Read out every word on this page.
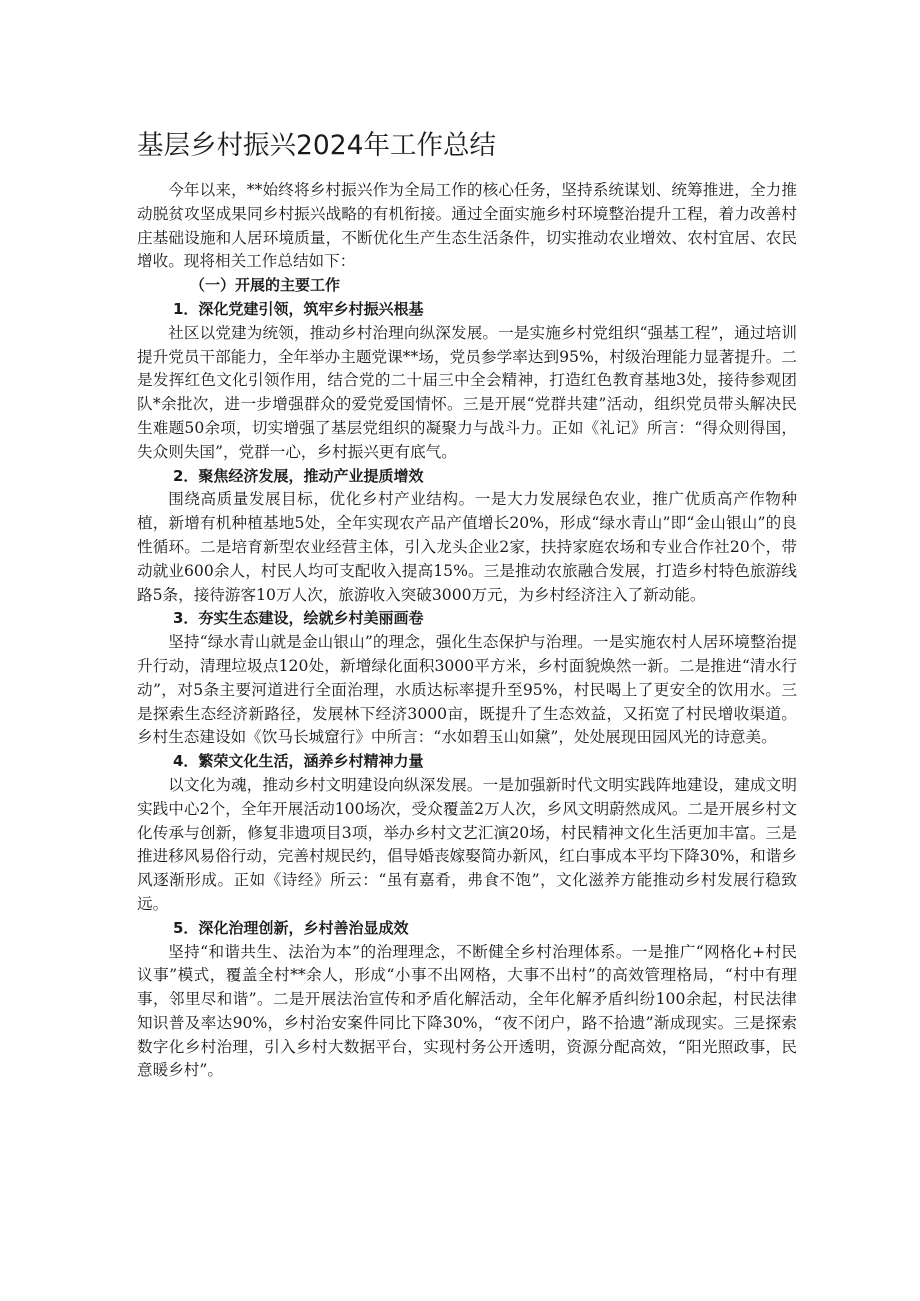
基层乡村振兴2024年工作总结

今年以来，**始终将乡村振兴作为全局工作的核心任务，坚持系统谋划、统筹推进，全力推动脱贫攻坚成果同乡村振兴战略的有机衔接。通过全面实施乡村环境整治提升工程，着力改善村庄基础设施和人居环境质量，不断优化生产生态生活条件，切实推动农业增效、农村宜居、农民增收。现将相关工作总结如下：

（一）开展的主要工作

1．深化党建引领，筑牢乡村振兴根基

社区以党建为统领，推动乡村治理向纵深发展。一是实施乡村党组织“强基工程”，通过培训提升党员干部能力，全年举办主题党课**场，党员参学率达到95%，村级治理能力显著提升。二是发挥红色文化引领作用，结合党的二十届三中全会精神，打造红色教育基地3处，接待参观团队*余批次，进一步增强群众的爱党爱国情怀。三是开展“党群共建”活动，组织党员带头解决民生难题50余项，切实增强了基层党组织的凝聚力与战斗力。正如《礼记》所言：“得众则得国，失众则失国”，党群一心，乡村振兴更有底气。

2．聚焦经济发展，推动产业提质增效

围绕高质量发展目标，优化乡村产业结构。一是大力发展绿色农业，推广优质高产作物种植，新增有机种植基地5处，全年实现农产品产值增长20%，形成“绿水青山”即“金山银山”的良性循环。二是培育新型农业经营主体，引入龙头企业2家，扶持家庭农场和专业合作社20个，带动就业600余人，村民人均可支配收入提高15%。三是推动农旅融合发展，打造乡村特色旅游线路5条，接待游客10万人次，旅游收入突破3000万元，为乡村经济注入了新动能。

3．夯实生态建设，绘就乡村美丽画卷

坚持“绿水青山就是金山银山”的理念，强化生态保护与治理。一是实施农村人居环境整治提升行动，清理垃圾点120处，新增绿化面积3000平方米，乡村面貌焕然一新。二是推进“清水行动”，对5条主要河道进行全面治理，水质达标率提升至95%，村民喝上了更安全的饮用水。三是探索生态经济新路径，发展林下经济3000亩，既提升了生态效益，又拓宽了村民增收渠道。乡村生态建设如《饮马长城窟行》中所言：“水如碧玉山如黛”，处处展现田园风光的诗意美。

4．繁荣文化生活，涵养乡村精神力量

以文化为魂，推动乡村文明建设向纵深发展。一是加强新时代文明实践阵地建设，建成文明实践中心2个，全年开展活动100场次，受众覆盖2万人次，乡风文明蔚然成风。二是开展乡村文化传承与创新，修复非遗项目3项，举办乡村文艺汇演20场，村民精神文化生活更加丰富。三是推进移风易俗行动，完善村规民约，倡导婚丧嫁娶简办新风，红白事成本平均下降30%，和谐乡风逐渐形成。正如《诗经》所云：“虽有嘉肴，弗食不饱”，文化滋养方能推动乡村发展行稳致远。

5．深化治理创新，乡村善治显成效

坚持“和谐共生、法治为本”的治理理念，不断健全乡村治理体系。一是推广“网格化+村民议事”模式，覆盖全村**余人，形成“小事不出网格，大事不出村”的高效管理格局，“村中有理事，邻里尽和谐”。二是开展法治宣传和矛盾化解活动，全年化解矛盾纠纷100余起，村民法律知识普及率达90%，乡村治安案件同比下降30%，“夜不闭户，路不拾遗”渐成现实。三是探索数字化乡村治理，引入乡村大数据平台，实现村务公开透明，资源分配高效，“阳光照政事，民意暖乡村”。
